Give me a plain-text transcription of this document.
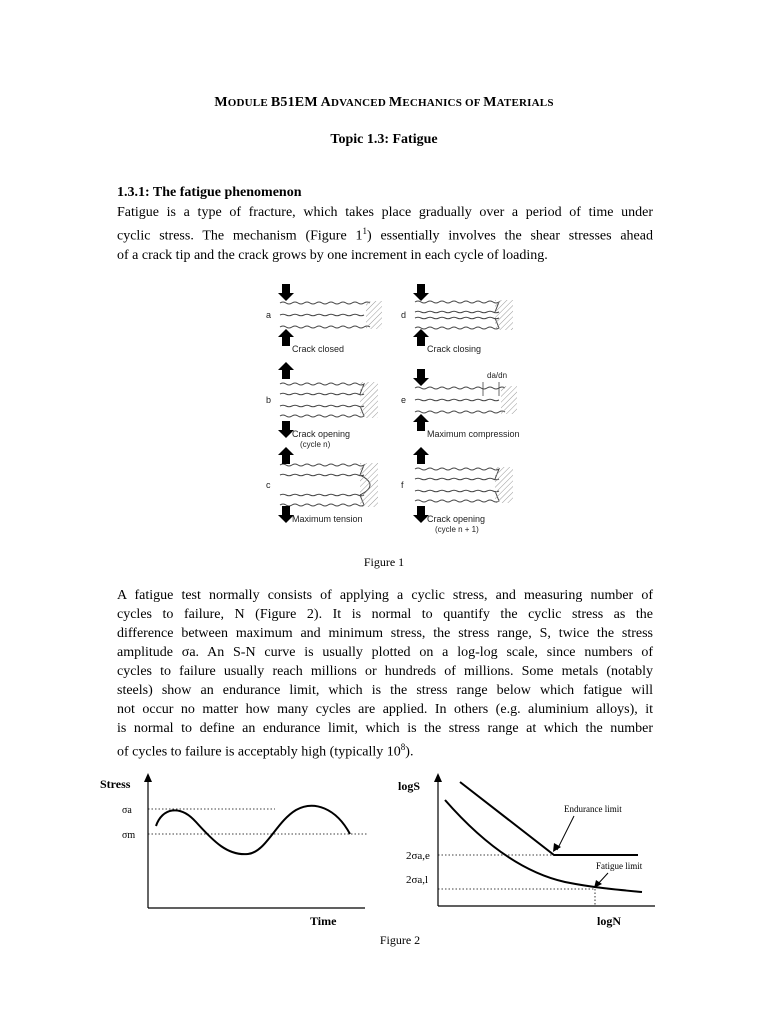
MODULE B51EM ADVANCED MECHANICS OF MATERIALS
Topic 1.3: Fatigue
1.3.1: The fatigue phenomenon
Fatigue is a type of fracture, which takes place gradually over a period of time under
cyclic stress. The mechanism (Figure $1^1$) essentially involves the shear stresses ahead
of a crack tip and the crack grows by one increment in each cycle of loading.
a
Crack closed
b
Crack opening
(cycle n)
c
Maximum tension
d
Crack closing
e
Maximum compression
da/dn
f
Crack opening
(cycle n + 1)
Figure 1
A fatigue test normally consists of applying a cyclic stress, and measuring number of
cycles to failure, N (Figure 2). It is normal to quantify the cyclic stress as the
difference between maximum and minimum stress, the stress range, S, twice the stress
amplitude σa. An S-N curve is usually plotted on a log-log scale, since numbers of
cycles to failure usually reach millions or hundreds of millions. Some metals (notably
steels) show an endurance limit, which is the stress range below which fatigue will
not occur no matter how many cycles are applied. In others (e.g. aluminium alloys), it
is normal to define an endurance limit, which is the stress range at which the number
of cycles to failure is acceptably high (typically $10^8$).
Stress
σa
σm
Time
logS
2σa,e
2σa,l
Endurance limit
Fatigue limit
logN
Figure 2
